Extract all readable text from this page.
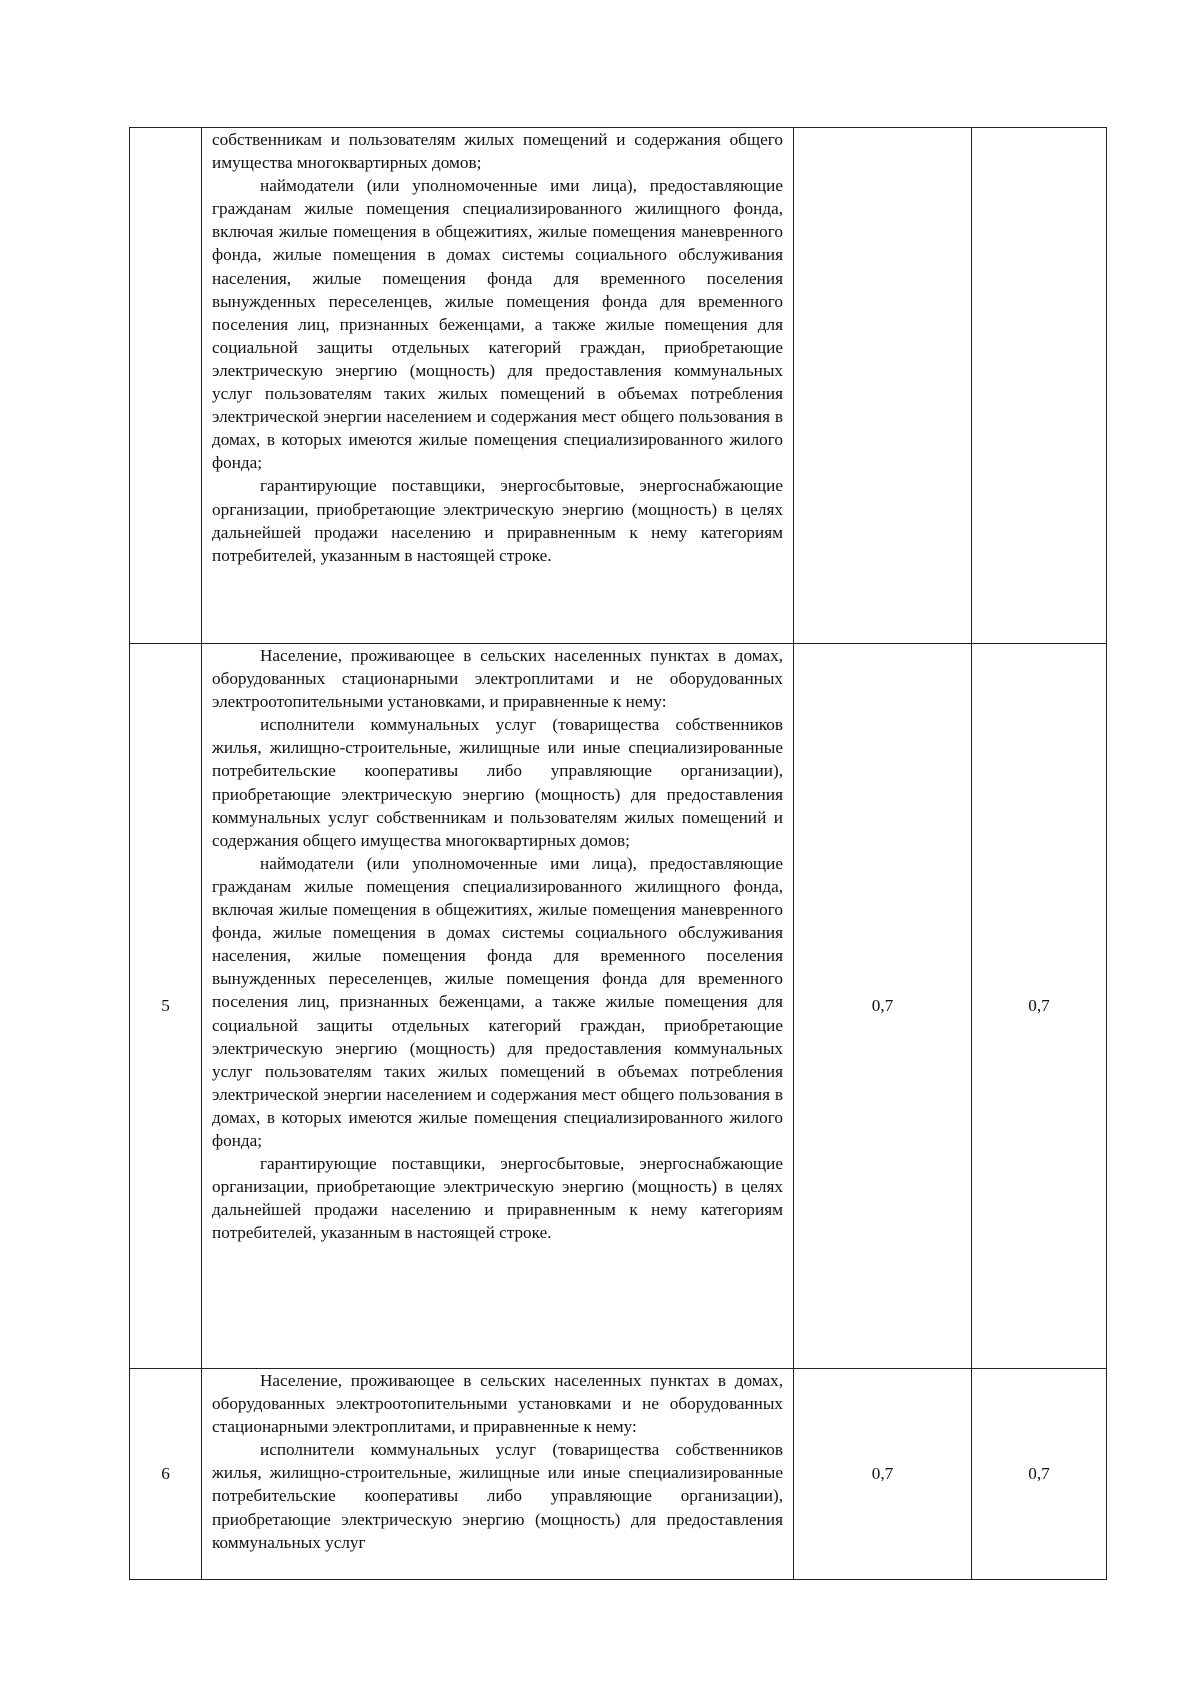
	собственникам и пользователям жилых помещений и содержания общего имущества многоквартирных домов;

наймодатели (или уполномоченные ими лица), предоставляющие гражданам жилые помещения специализированного жилищного фонда, включая жилые помещения в общежитиях, жилые помещения маневренного фонда, жилые помещения в домах системы социального обслуживания населения, жилые помещения фонда для временного поселения вынужденных переселенцев, жилые помещения фонда для временного поселения лиц, признанных беженцами, а также жилые помещения для социальной защиты отдельных категорий граждан, приобретающие электрическую энергию (мощность) для предоставления коммунальных услуг пользователям таких жилых помещений в объемах потребления электрической энергии населением и содержания мест общего пользования в домах, в которых имеются жилые помещения специализированного жилого фонда;

гарантирующие поставщики, энергосбытовые, энергоснабжающие организации, приобретающие электрическую энергию (мощность) в целях дальнейшей продажи населению и приравненным к нему категориям потребителей, указанным в настоящей строке.		

5	Население, проживающее в сельских населенных пунктах в домах, оборудованных стационарными электроплитами и не оборудованных электроотопительными установками, и приравненные к нему:

исполнители коммунальных услуг (товарищества собственников жилья, жилищно-строительные, жилищные или иные специализированные потребительские кооперативы либо управляющие организации), приобретающие электрическую энергию (мощность) для предоставления коммунальных услуг собственникам и пользователям жилых помещений и содержания общего имущества многоквартирных домов;

наймодатели (или уполномоченные ими лица), предоставляющие гражданам жилые помещения специализированного жилищного фонда, включая жилые помещения в общежитиях, жилые помещения маневренного фонда, жилые помещения в домах системы социального обслуживания населения, жилые помещения фонда для временного поселения вынужденных переселенцев, жилые помещения фонда для временного поселения лиц, признанных беженцами, а также жилые помещения для социальной защиты отдельных категорий граждан, приобретающие электрическую энергию (мощность) для предоставления коммунальных услуг пользователям таких жилых помещений в объемах потребления электрической энергии населением и содержания мест общего пользования в домах, в которых имеются жилые помещения специализированного жилого фонда;

гарантирующие поставщики, энергосбытовые, энергоснабжающие организации, приобретающие электрическую энергию (мощность) в целях дальнейшей продажи населению и приравненным к нему категориям потребителей, указанным в настоящей строке.	0,7	0,7
6	Население, проживающее в сельских населенных пунктах в домах, оборудованных электроотопительными установками и не оборудованных стационарными электроплитами, и приравненные к нему:

исполнители коммунальных услуг (товарищества собственников жилья, жилищно-строительные, жилищные или иные специализированные потребительские кооперативы либо управляющие организации), приобретающие электрическую энергию (мощность) для предоставления коммунальных услуг	0,7	0,7
